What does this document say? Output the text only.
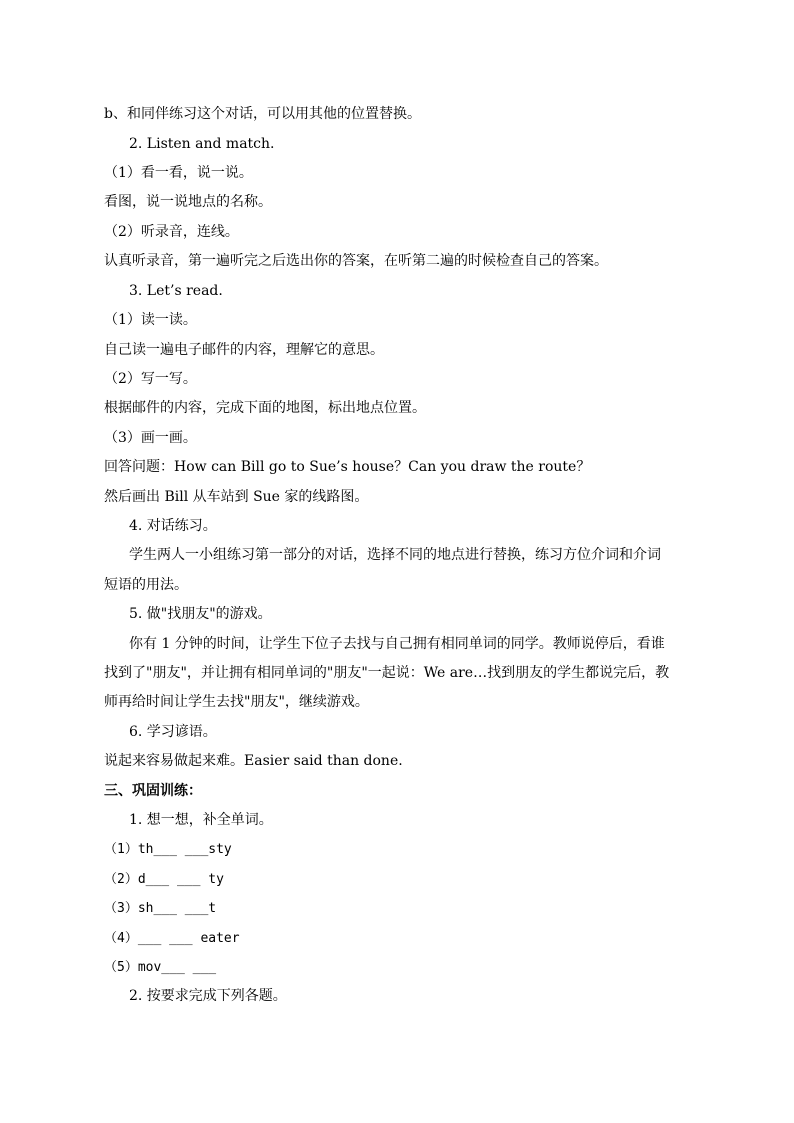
b、和同伴练习这个对话，可以用其他的位置替换。
2. Listen and match.
（1）看一看，说一说。
看图，说一说地点的名称。
（2）听录音，连线。
认真听录音，第一遍听完之后选出你的答案，在听第二遍的时候检查自己的答案。
3. Let’s read.
（1）读一读。
自己读一遍电子邮件的内容，理解它的意思。
（2）写一写。
根据邮件的内容，完成下面的地图，标出地点位置。
（3）画一画。
回答问题：How can Bill go to Sue’s house？Can you draw the route？
然后画出 Bill 从车站到 Sue 家的线路图。
4. 对话练习。
学生两人一小组练习第一部分的对话，选择不同的地点进行替换，练习方位介词和介词
短语的用法。
5. 做"找朋友"的游戏。
你有 1 分钟的时间，让学生下位子去找与自己拥有相同单词的同学。教师说停后，看谁
找到了"朋友"，并让拥有相同单词的"朋友"一起说：We are…找到朋友的学生都说完后，教
师再给时间让学生去找"朋友"，继续游戏。
6. 学习谚语。
说起来容易做起来难。Easier said than done.
三、巩固训练：
1. 想一想，补全单词。
（1）th___ ___sty
（2）d___ ___ ty
（3）sh___ ___t
（4）___ ___ eater
（5）mov___ ___
2. 按要求完成下列各题。
